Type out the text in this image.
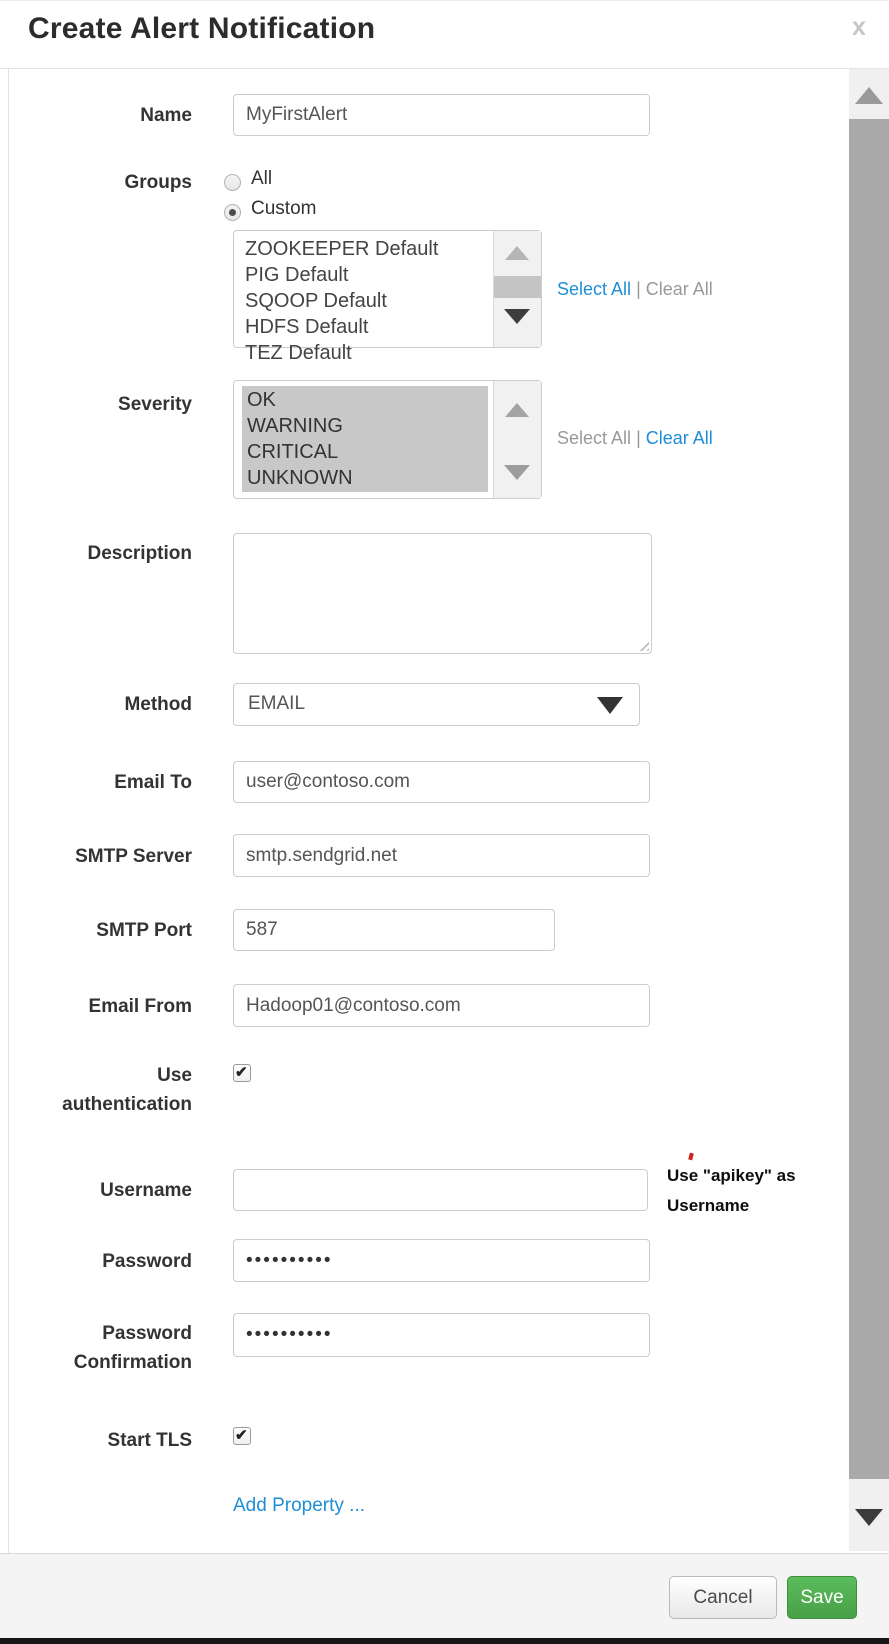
Create Alert Notification	x
Name
MyFirstAlert
Groups	All
Custom
ZOOKEEPER Default
PIG Default
SQOOP Default
HDFS Default
TEZ Default
Select All | Clear All
Severity	OK
WARNING
CRITICAL
UNKNOWN
Select All | Clear All
Description
Method	EMAIL
Email To
user@contoso.com
SMTP Server
smtp.sendgrid.net
SMTP Port
587
Email From
Hadoop01@contoso.com
Use
authentication
✔
Username
Use "apikey" as
Username
Password
••••••••••
Password
Confirmation
••••••••••
Start TLS
✔
Add Property ...
Cancel	Save
